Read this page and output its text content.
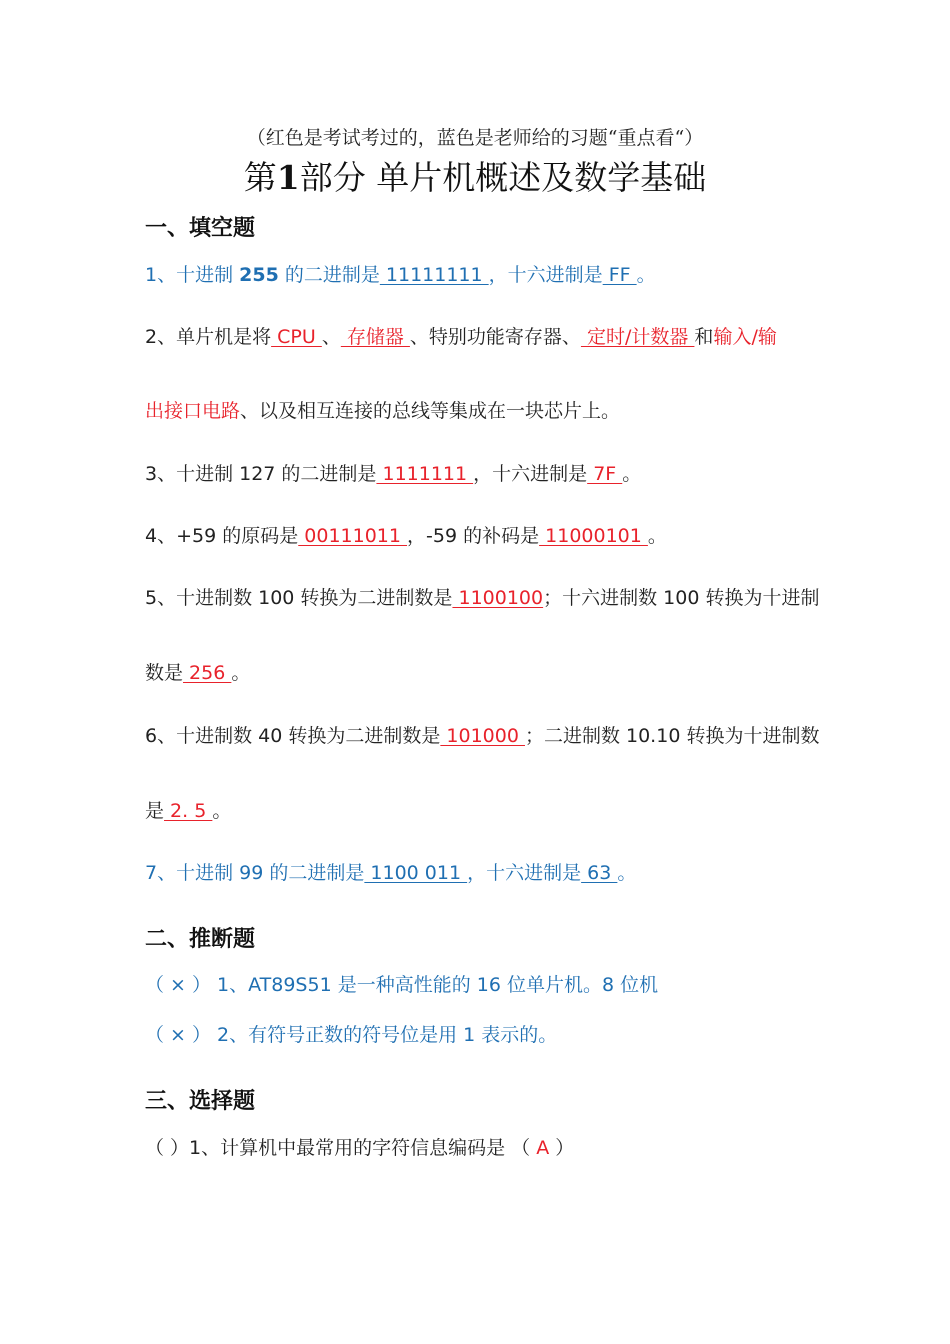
（红色是考试考过的，蓝色是老师给的习题“重点看“）
第1部分 单片机概述及数学基础
一、填空题
1、十进制 255 的二进制是 11111111 ，十六进制是 FF 。
2、单片机是将 CPU 、 存储器 、特别功能寄存器、 定时/计数器 和输入/输
出接口电路、以及相互连接的总线等集成在一块芯片上。
3、十进制 127 的二进制是 1111111 ，十六进制是 7F 。
4、+59 的原码是 00111011 ，-59 的补码是 11000101 。
5、十进制数 100 转换为二进制数是 1100100；十六进制数 100 转换为十进制
数是 256 。
6、十进制数 40 转换为二进制数是 101000 ；二进制数 10.10 转换为十进制数
是 2. 5 。
7、十进制 99 的二进制是 1100 011 ，十六进制是 63 。
二、推断题
（ × ） 1、AT89S51 是一种高性能的 16 位单片机。8 位机
（ × ） 2、有符号正数的符号位是用 1 表示的。
三、选择题
（ ）1、计算机中最常用的字符信息编码是 （ A ）
